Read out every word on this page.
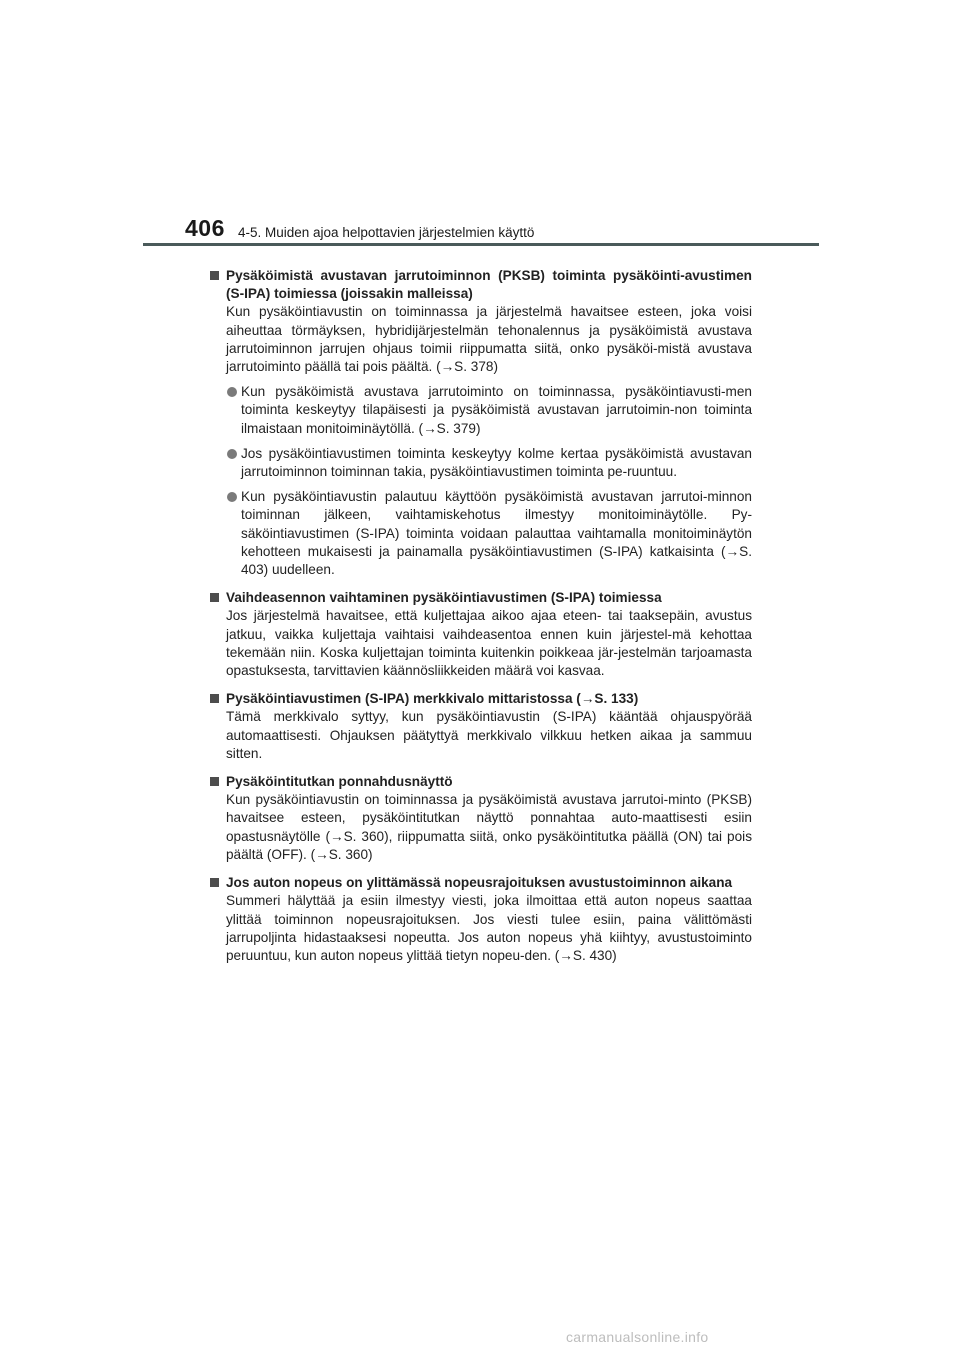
406 4-5. Muiden ajoa helpottavien järjestelmien käyttö
Pysäköimistä avustavan jarrutoiminnon (PKSB) toiminta pysäköinti-avustimen (S-IPA) toimiessa (joissakin malleissa)
Kun pysäköintiavustin on toiminnassa ja järjestelmä havaitsee esteen, joka voisi aiheuttaa törmäyksen, hybridijärjestelmän tehonalennus ja pysäköimistä avustava jarrutoiminnon jarrujen ohjaus toimii riippumatta siitä, onko pysäköi-mistä avustava jarrutoiminto päällä tai pois päältä. (→S. 378)
Kun pysäköimistä avustava jarrutoiminto on toiminnassa, pysäköintiavusti-men toiminta keskeytyy tilapäisesti ja pysäköimistä avustavan jarrutoimin-non toiminta ilmaistaan monitoiminäytöllä. (→S. 379)
Jos pysäköintiavustimen toiminta keskeytyy kolme kertaa pysäköimistä avustavan jarrutoiminnon toiminnan takia, pysäköintiavustimen toiminta pe-ruuntuu.
Kun pysäköintiavustin palautuu käyttöön pysäköimistä avustavan jarrutoi-minnon toiminnan jälkeen, vaihtamiskehotus ilmestyy monitoiminäytölle. Py-säköintiavustimen (S-IPA) toiminta voidaan palauttaa vaihtamalla monitoiminäytön kehotteen mukaisesti ja painamalla pysäköintiavustimen (S-IPA) katkaisinta (→S. 403) uudelleen.
Vaihdeasennon vaihtaminen pysäköintiavustimen (S-IPA) toimiessa
Jos järjestelmä havaitsee, että kuljettajaa aikoo ajaa eteen- tai taaksepäin, avustus jatkuu, vaikka kuljettaja vaihtaisi vaihdeasentoa ennen kuin järjestel-mä kehottaa tekemään niin. Koska kuljettajan toiminta kuitenkin poikkeaa jär-jestelmän tarjoamasta opastuksesta, tarvittavien käännösliikkeiden määrä voi kasvaa.
Pysäköintiavustimen (S-IPA) merkkivalo mittaristossa (→S. 133)
Tämä merkkivalo syttyy, kun pysäköintiavustin (S-IPA) kääntää ohjauspyörää automaattisesti. Ohjauksen päätyttyä merkkivalo vilkkuu hetken aikaa ja sammuu sitten.
Pysäköintitutkan ponnahdusnäyttö
Kun pysäköintiavustin on toiminnassa ja pysäköimistä avustava jarrutoi-minto (PKSB) havaitsee esteen, pysäköintitutkan näyttö ponnahtaa auto-maattisesti esiin opastusnäytölle (→S. 360), riippumatta siitä, onko pysäköintitutka päällä (ON) tai pois päältä (OFF). (→S. 360)
Jos auton nopeus on ylittämässä nopeusrajoituksen avustustoiminnon aikana
Summeri hälyttää ja esiin ilmestyy viesti, joka ilmoittaa että auton nopeus saattaa ylittää toiminnon nopeusrajoituksen. Jos viesti tulee esiin, paina välittömästi jarrupoljinta hidastaaksesi nopeutta. Jos auton nopeus yhä kiihtyy, avustustoiminto peruuntuu, kun auton nopeus ylittää tietyn nopeu-den. (→S. 430)
carmanualsonline.info
